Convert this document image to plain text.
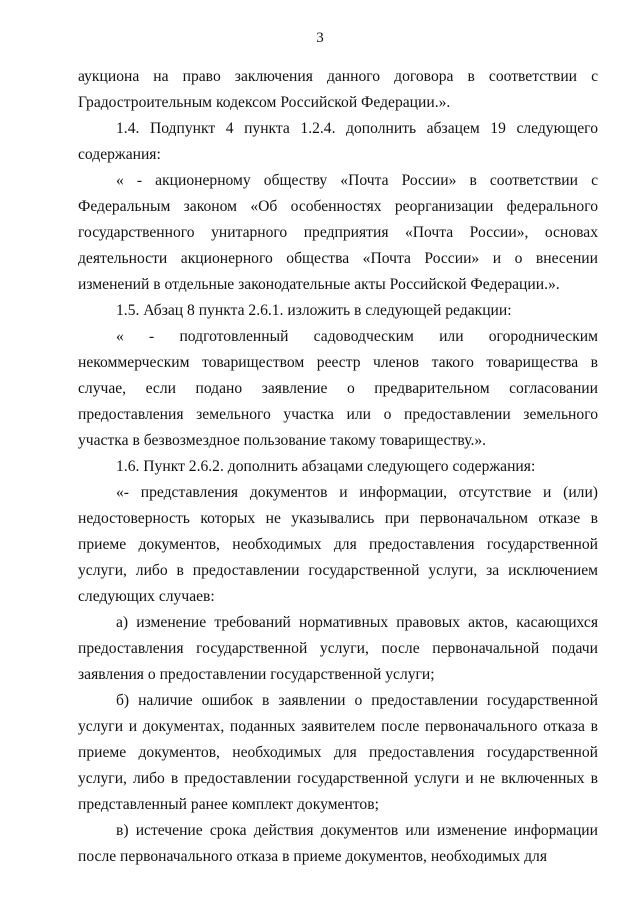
3

аукциона на право заключения данного договора в соответствии с Градостроительным кодексом Российской Федерации.».

1.4. Подпункт 4 пункта 1.2.4. дополнить абзацем 19 следующего содержания:

« - акционерному обществу «Почта России» в соответствии с Федеральным законом «Об особенностях реорганизации федерального государственного унитарного предприятия «Почта России», основах деятельности акционерного общества «Почта России» и о внесении изменений в отдельные законодательные акты Российской Федерации.».

1.5. Абзац 8 пункта 2.6.1. изложить в следующей редакции:

« - подготовленный садоводческим или огородническим некоммерческим товариществом реестр членов такого товарищества в случае, если подано заявление о предварительном согласовании предоставления земельного участка или о предоставлении земельного участка в безвозмездное пользование такому товариществу.».

1.6. Пункт 2.6.2. дополнить абзацами следующего содержания:

«- представления документов и информации, отсутствие и (или) недостоверность которых не указывались при первоначальном отказе в приеме документов, необходимых для предоставления государственной услуги, либо в предоставлении государственной услуги, за исключением следующих случаев:

а) изменение требований нормативных правовых актов, касающихся предоставления государственной услуги, после первоначальной подачи заявления о предоставлении государственной услуги;

б) наличие ошибок в заявлении о предоставлении государственной услуги и документах, поданных заявителем после первоначального отказа в приеме документов, необходимых для предоставления государственной услуги, либо в предоставлении государственной услуги и не включенных в представленный ранее комплект документов;

в) истечение срока действия документов или изменение информации после первоначального отказа в приеме документов, необходимых для
